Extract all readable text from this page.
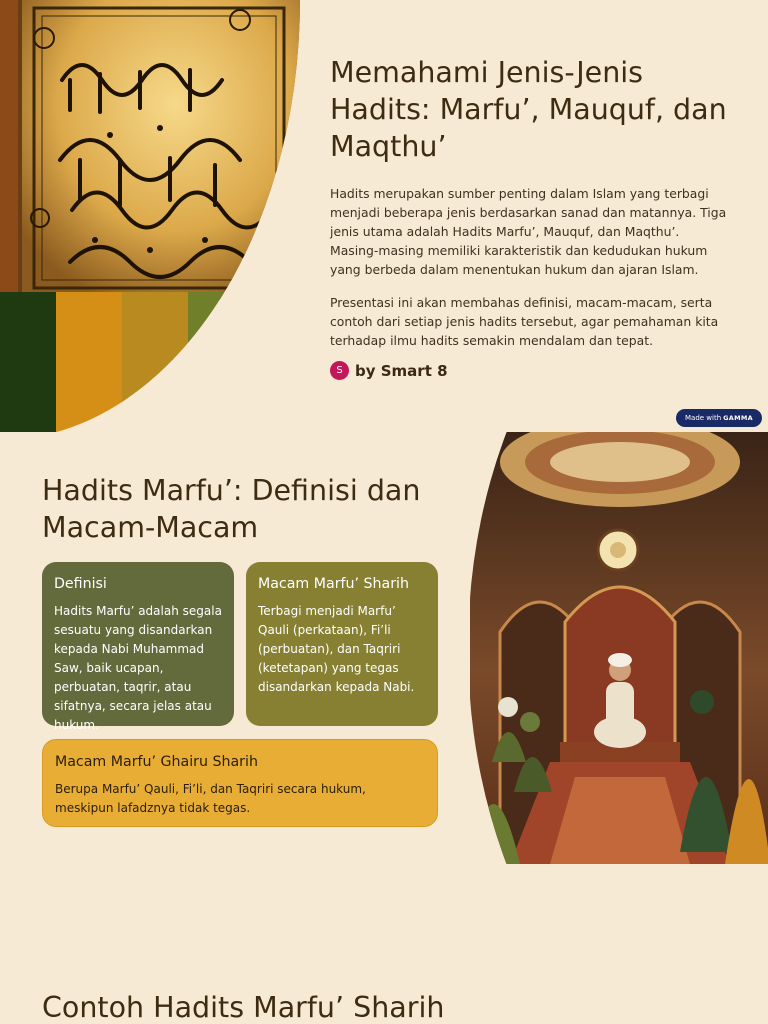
Memahami Jenis-Jenis Hadits: Marfu’, Mauquf, dan Maqthu’

Hadits merupakan sumber penting dalam Islam yang terbagi menjadi beberapa jenis berdasarkan sanad dan matannya. Tiga jenis utama adalah Hadits Marfu’, Mauquf, dan Maqthu’. Masing-masing memiliki karakteristik dan kedudukan hukum yang berbeda dalam menentukan hukum dan ajaran Islam.

Presentasi ini akan membahas definisi, macam-macam, serta contoh dari setiap jenis hadits tersebut, agar pemahaman kita terhadap ilmu hadits semakin mendalam dan tepat.

S by Smart 8
Made with GAMMA
Hadits Marfu’: Definisi dan Macam-Macam
Definisi

Hadits Marfu’ adalah segala sesuatu yang disandarkan kepada Nabi Muhammad Saw, baik ucapan, perbuatan, taqrir, atau sifatnya, secara jelas atau hukum.

Macam Marfu’ Sharih

Terbagi menjadi Marfu’ Qauli (perkataan), Fi’li (perbuatan), dan Taqriri (ketetapan) yang tegas disandarkan kepada Nabi.

Macam Marfu’ Ghairu Sharih

Berupa Marfu’ Qauli, Fi’li, dan Taqriri secara hukum, meskipun lafadznya tidak tegas.

Contoh Hadits Marfu’ Sharih
